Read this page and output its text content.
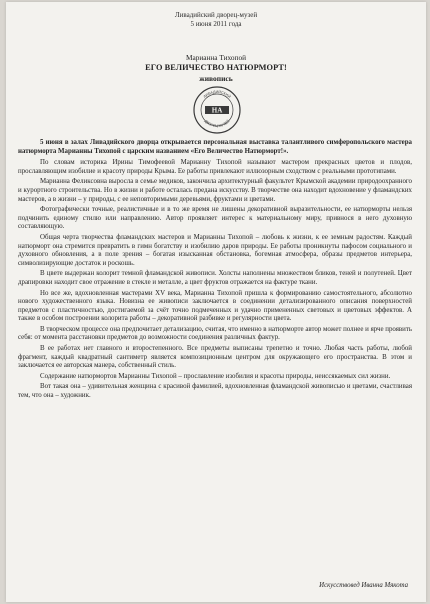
Ливадийский дворец-музей
5 июня 2011 года
Марианна Тихопой
ЕГО ВЕЛИЧЕСТВО НАТЮРМОРТ!
живопись
ЛИВАДИЙСКИЙ
ДВОРЕЦ-МУЗЕЙ
НА

5 июня в залах Ливадийского дворца открывается персональная выставка талантливого симферопольского мастера натюрморта Марианны Тихопой с царским названием «Его Величество Натюрморт!».

По словам историка Ирины Тимофеевой Марианну Тихопой называют мастером прекрасных цветов и плодов, прославляющим изобилие и красоту природы Крыма. Ее работы привлекают иллюзорным сходством с реальными прототипами.

Марианна Феликсовна выросла в семье медиков, закончила архитектурный факультет Крымской академии природоохранного и курортного строительства. Но в жизни и работе осталась предана искусству. В творчестве она находит вдохновение у фламандских мастеров, а в жизни – у природы, с ее неповторимыми деревьями, фруктами и цветами.

Фотографически точные, реалистичные и в то же время не лишены декоративной выразительности, ее натюрморты нельзя подчинить единому стилю или направлению. Автор проявляет интерес к материальному миру, привнося в него духовную составляющую.

Общая черта творчества фламандских мастеров и Марианны Тихопой – любовь к жизни, к ее земным радостям. Каждый натюрморт она стремится превратить в гимн богатству и изобилию даров природы. Ее работы проникнуты пафосом социального и духовного обновления, а в поле зрения – богатая изысканная обстановка, богемная атмосфера, образы предметов интерьера, символизирующие достаток и роскошь.

В цвете выдержан колорит темной фламандской живописи. Холсты наполнены множеством бликов, теней и полутеней. Цвет драпировки находит свое отражение в стекле и металле, а цвет фруктов отражается на фактуре ткани.

Но все же, вдохновленная мастерами XV века, Марианна Тихопой пришла к формированию самостоятельного, абсолютно нового художественного языка. Новизна ее живописи заключается в соединении детализированного описания поверхностей предметов с пластичностью, достигаемой за счёт точно подмеченных и удачно примененных световых и цветовых эффектов. А также в особом построении колорита работы – декоративной разбивке и регулярности цвета.

В творческом процессе она предпочитает детализацию, считая, что именно в натюрморте автор может полнее и ярче проявить себя: от момента расстановки предметов до возможности соединения различных фактур.

В ее работах нет главного и второстепенного. Все предметы выписаны трепетно и точно. Любая часть работы, любой фрагмент, каждый квадратный сантиметр является композиционным центром для окружающего его пространства. В этом и заключается ее авторская манера, собственный стиль.

Содержание натюрмортов Марианны Тихопой – прославление изобилия и красоты природы, неиссякаемых сил жизни.

Вот такая она – удивительная женщина с красивой фамилией, вдохновленная фламандской живописью и цветами, счастливая тем, что она – художник.

Искусствовед Иванна Мякота
